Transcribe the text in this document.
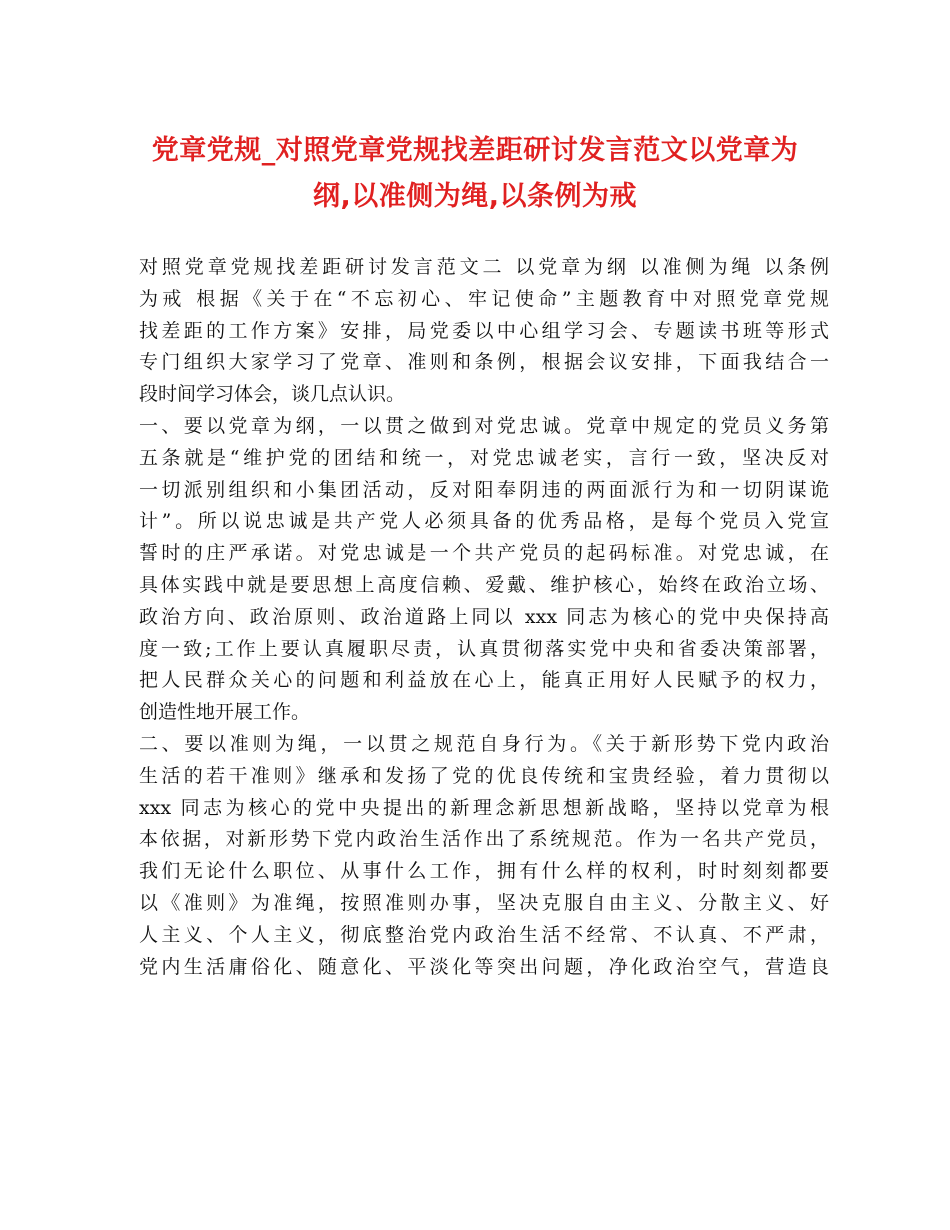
党章党规_对照党章党规找差距研讨发言范文以党章为
纲,以准侧为绳,以条例为戒
对照党章党规找差距研讨发言范文二 以党章为纲 以准侧为绳 以条例
为戒 根据《关于在“不忘初心、牢记使命”主题教育中对照党章党规
找差距的工作方案》安排，局党委以中心组学习会、专题读书班等形式
专门组织大家学习了党章、准则和条例，根据会议安排，下面我结合一
段时间学习体会，谈几点认识。
一、要以党章为纲，一以贯之做到对党忠诚。党章中规定的党员义务第
五条就是“维护党的团结和统一，对党忠诚老实，言行一致，坚决反对
一切派别组织和小集团活动，反对阳奉阴违的两面派行为和一切阴谋诡
计”。所以说忠诚是共产党人必须具备的优秀品格，是每个党员入党宣
誓时的庄严承诺。对党忠诚是一个共产党员的起码标准。对党忠诚，在
具体实践中就是要思想上高度信赖、爱戴、维护核心，始终在政治立场、
政治方向、政治原则、政治道路上同以 xxx 同志为核心的党中央保持高
度一致;工作上要认真履职尽责，认真贯彻落实党中央和省委决策部署，
把人民群众关心的问题和利益放在心上，能真正用好人民赋予的权力，
创造性地开展工作。
二、要以准则为绳，一以贯之规范自身行为。《关于新形势下党内政治
生活的若干准则》继承和发扬了党的优良传统和宝贵经验，着力贯彻以
xxx 同志为核心的党中央提出的新理念新思想新战略，坚持以党章为根
本依据，对新形势下党内政治生活作出了系统规范。作为一名共产党员，
我们无论什么职位、从事什么工作，拥有什么样的权利，时时刻刻都要
以《准则》为准绳，按照准则办事，坚决克服自由主义、分散主义、好
人主义、个人主义，彻底整治党内政治生活不经常、不认真、不严肃，
党内生活庸俗化、随意化、平淡化等突出问题，净化政治空气，营造良
